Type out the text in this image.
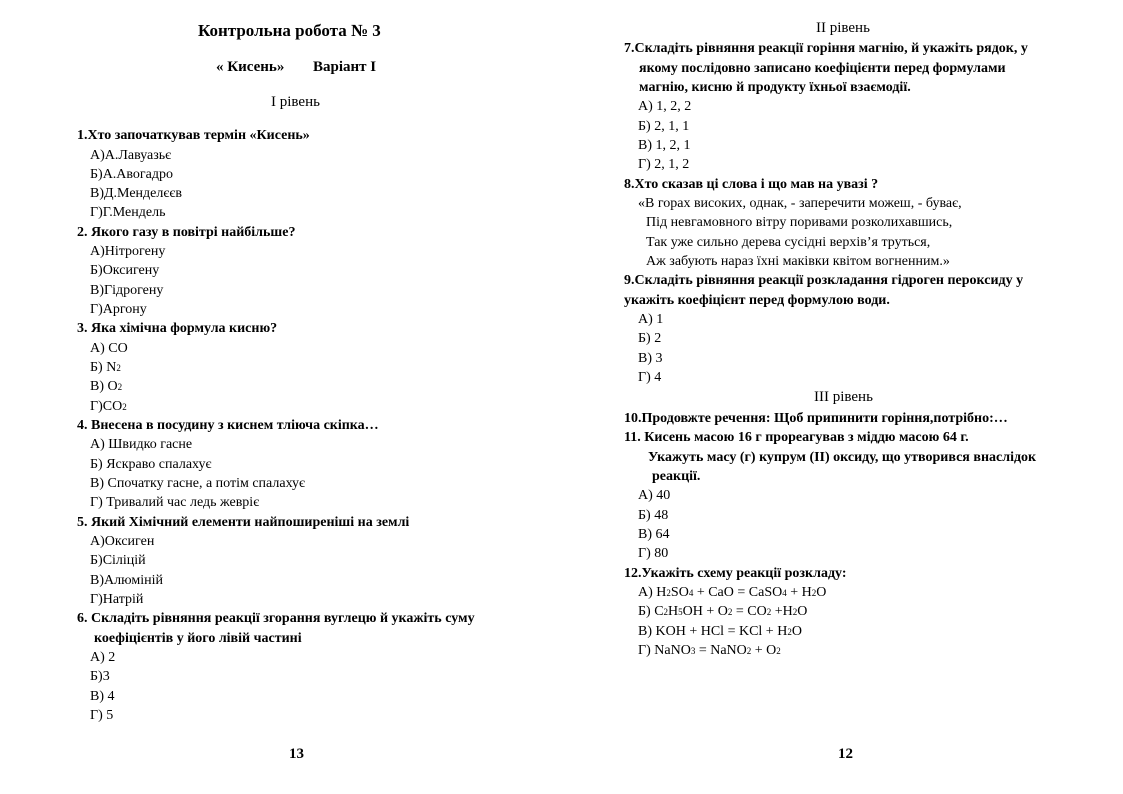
Контрольна робота № 3
« Кисень» Варіант І
І рівень
1.Хто започаткував термін «Кисень»
А)А.Лавуазьє
Б)А.Авогадро
В)Д.Менделєєв
Г)Г.Мендель
2. Якого газу в повітрі найбільше?
А)Нітрогену
Б)Оксигену
В)Гідрогену
Г)Аргону
3. Яка хімічна формула кисню?
А) CO
Б) N2
В) O2
Г)CO2
4. Внесена в посудину з киснем тліюча скіпка…
А) Швидко гасне
Б) Яскраво спалахує
В) Спочатку гасне, а потім спалахує
Г) Тривалий час ледь жевріє
5. Який Хімічний елементи найпоширеніші на землі
А)Оксиген
Б)Сіліцій
В)Алюміній
Г)Натрій
6. Складіть рівняння реакції згорання вуглецю й укажіть суму
коефіцієнтів у його лівій частині
А) 2
Б)3
В) 4
Г) 5
13
ІІ рівень
7.Складіть рівняння реакції горіння магнію, й укажіть рядок, у
якому послідовно записано коефіцієнти перед формулами
магнію, кисню й продукту їхньої взаємодії.
А) 1, 2, 2
Б) 2, 1, 1
В) 1, 2, 1
Г) 2, 1, 2
8.Хто сказав ці слова і що мав на увазі ?
«В горах високих, однак, - заперечити можеш, - буває,
Під невгамовного вітру поривами розколихавшись,
Так уже сильно дерева сусідні верхів’я труться,
Аж забують нараз їхні маківки квітом вогненним.»
9.Складіть рівняння реакції розкладання гідроген пероксиду у
укажіть коефіцієнт перед формулою води.
А) 1
Б) 2
В) 3
Г) 4
ІІІ рівень
10.Продовжте речення: Щоб припинити горіння,потрібно:…
11. Кисень масою 16 г прореагував з міддю масою 64 г.
Укажуть масу (г) купрум (ІІ) оксиду, що утворився внаслідок
реакції.
А) 40
Б) 48
В) 64
Г) 80
12.Укажіть схему реакції розкладу:
А) H2SO4 + CaO = CaSO4 + H2O
Б) C2H5OH + O2 = CO2 +H2O
В) KOH + HCl = KCl + H2O
Г) NaNO3 = NaNO2 + O2
12
